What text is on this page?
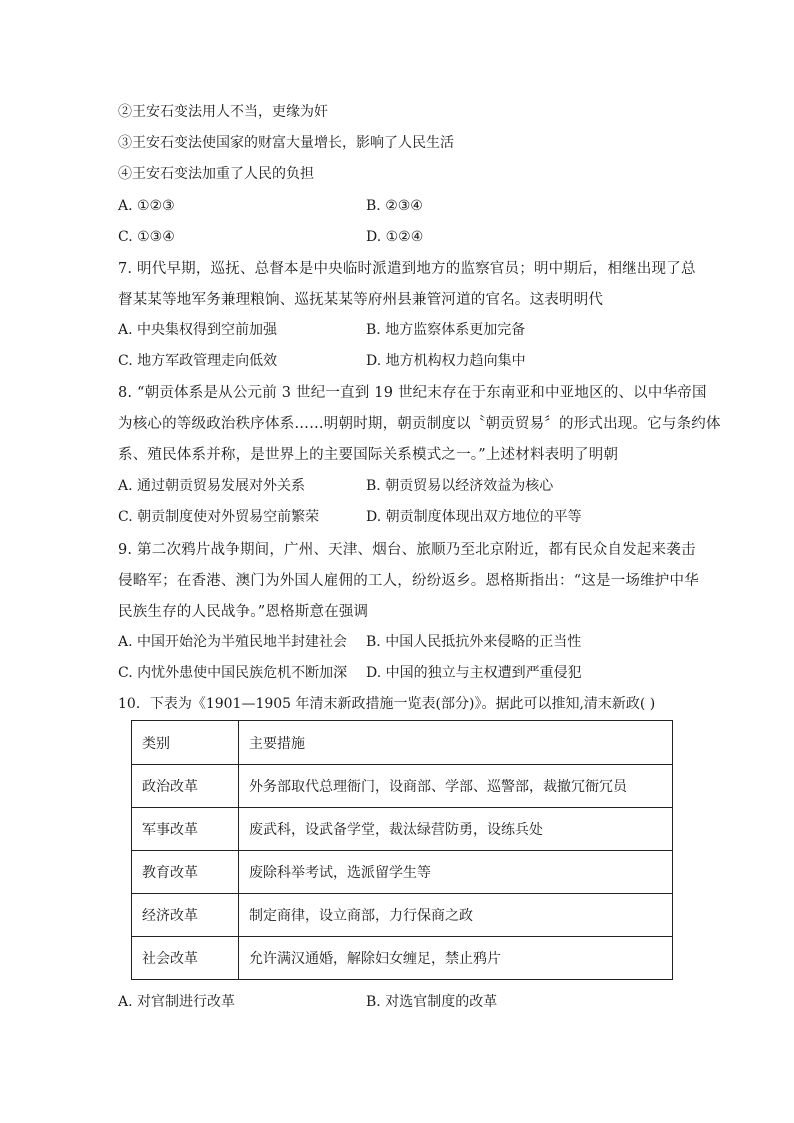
②王安石变法用人不当，吏缘为奸
③王安石变法使国家的财富大量增长，影响了人民生活
④王安石变法加重了人民的负担
A. ①②③	B. ②③④
C. ①③④	D. ①②④

7. 明代早期，巡抚、总督本是中央临时派遣到地方的监察官员；明中期后，相继出现了总

督某某等地军务兼理粮饷、巡抚某某等府州县兼管河道的官名。这表明明代

A. 中央集权得到空前加强	B. 地方监察体系更加完备
C. 地方军政管理走向低效	D. 地方机构权力趋向集中

8. “朝贡体系是从公元前 3 世纪一直到 19 世纪末存在于东南亚和中亚地区的、以中华帝国

为核心的等级政治秩序体系……明朝时期，朝贡制度以〝朝贡贸易〞的形式出现。它与条约体

系、殖民体系并称，是世界上的主要国际关系模式之一。”上述材料表明了明朝

A. 通过朝贡贸易发展对外关系	B. 朝贡贸易以经济效益为核心
C. 朝贡制度使对外贸易空前繁荣	D. 朝贡制度体现出双方地位的平等

9. 第二次鸦片战争期间，广州、天津、烟台、旅顺乃至北京附近，都有民众自发起来袭击

侵略军；在香港、澳门为外国人雇佣的工人，纷纷返乡。恩格斯指出：“这是一场维护中华

民族生存的人民战争。”恩格斯意在强调

A. 中国开始沦为半殖民地半封建社会 B. 中国人民抵抗外来侵略的正当性
C. 内忧外患使中国民族危机不断加深 D. 中国的独立与主权遭到严重侵犯
10．下表为《1901—1905 年清末新政措施一览表(部分)》。据此可以推知,清末新政( )
类别	主要措施
政治改革	外务部取代总理衙门，设商部、学部、巡警部，裁撤冗衙冗员
军事改革	废武科，设武备学堂，裁汰绿营防勇，设练兵处
教育改革	废除科举考试，选派留学生等
经济改革	制定商律，设立商部，力行保商之政
社会改革	允许满汉通婚，解除妇女缠足，禁止鸦片
A. 对官制进行改革	B. 对选官制度的改革
